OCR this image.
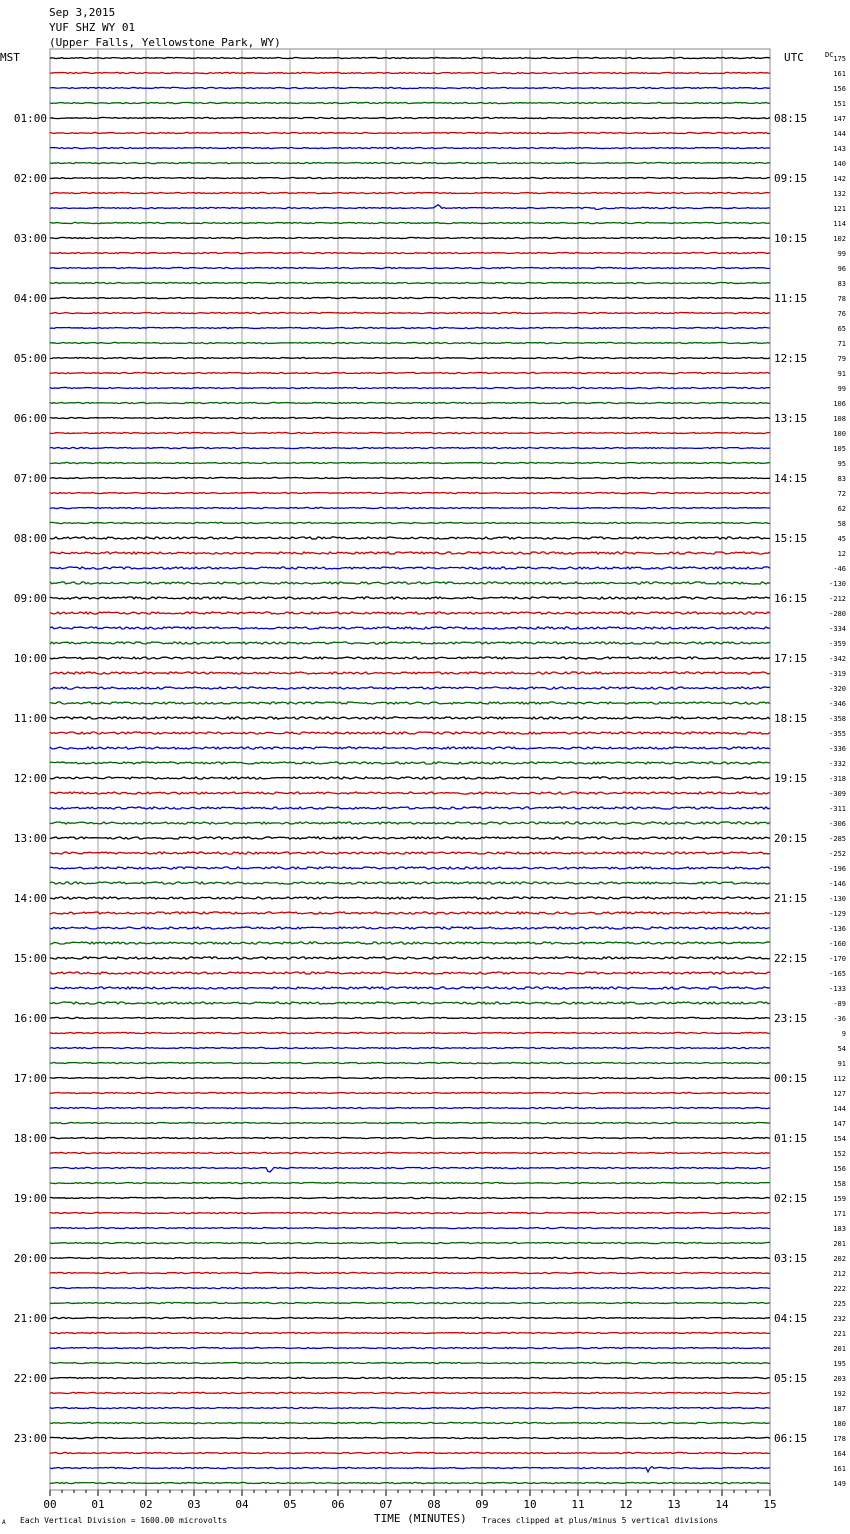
Sep 3,2015
YUF SHZ WY 01
(Upper Falls, Yellowstone Park, WY)
MST	UTC	DC
01:00
02:00
03:00
04:00
05:00
06:00
07:00
08:00
09:00
10:00
11:00
12:00
13:00
14:00
15:00
16:00
17:00
18:00
19:00
20:00
21:00
22:00
23:00
08:15
09:15
10:15
11:15
12:15
13:15
14:15
15:15
16:15
17:15
18:15
19:15
20:15
21:15
22:15
23:15
00:15
01:15
02:15
03:15
04:15
05:15
06:15
175
161
156
151
147
144
143
140
142
132
121
114
102
99
96
83
78
76
65
71
79
91
99
106
108
100
105
95
83
72
62
58
45
12
-46
-130
-212
-280
-334
-359
-342
-319
-320
-346
-358
-355
-336
-332
-318
-309
-311
-306
-285
-252
-196
-146
-130
-129
-136
-160
-170
-165
-133
-89
-36
9
54
91
112
127
144
147
154
152
156
158
159
171
183
201
202
212
222
225
232
221
201
195
203
192
187
180
178
164
161
149
00	01	02	03	04	05	06	07	08	09	10	11	12	13	14	15
A Each Vertical Division = 1600.00 microvolts	TIME (MINUTES) Traces clipped at plus/minus 5 vertical divisions
